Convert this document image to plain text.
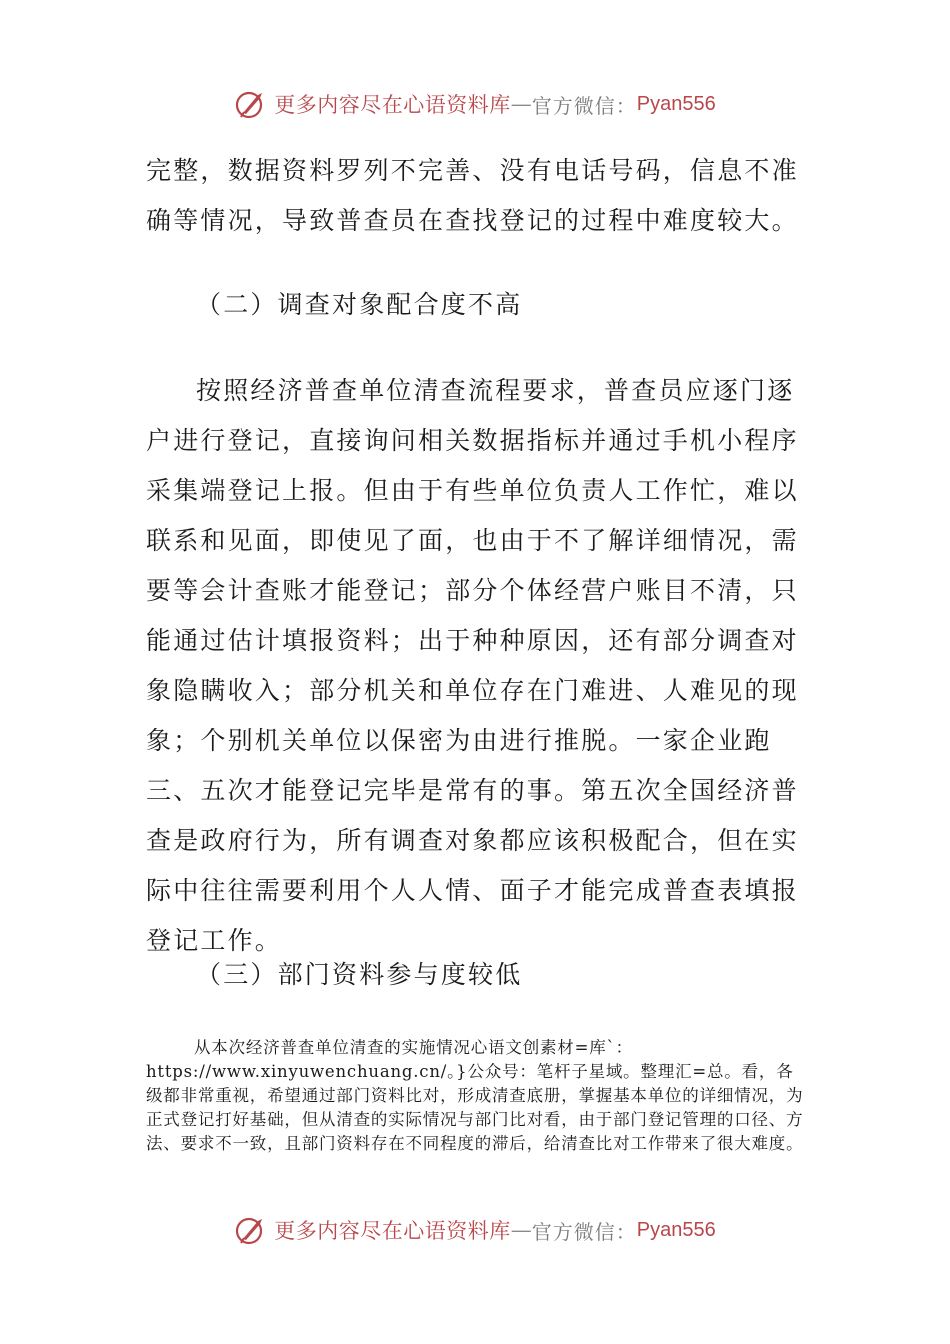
更多内容尽在心语资料库 — 官方微信： Pyan556

完整，数据资料罗列不完善、没有电话号码，信息不准确等情况，导致普查员在查找登记的过程中难度较大。

（二）调查对象配合度不高

按照经济普查单位清查流程要求，普查员应逐门逐户进行登记，直接询问相关数据指标并通过手机小程序采集端登记上报。但由于有些单位负责人工作忙，难以联系和见面，即使见了面，也由于不了解详细情况，需要等会计查账才能登记；部分个体经营户账目不清，只能通过估计填报资料；出于种种原因，还有部分调查对象隐瞒收入；部分机关和单位存在门难进、人难见的现象；个别机关单位以保密为由进行推脱。一家企业跑三、五次才能登记完毕是常有的事。第五次全国经济普查是政府行为，所有调查对象都应该积极配合，但在实际中往往需要利用个人人情、面子才能完成普查表填报登记工作。

（三）部门资料参与度较低

从本次经济普查单位清查的实施情况心语文创素材=库`：https://www.xinyuwenchuang.cn/。}公众号：笔杆子星域。整理汇=总。看，各级都非常重视，希望通过部门资料比对，形成清查底册，掌握基本单位的详细情况，为正式登记打好基础，但从清查的实际情况与部门比对看，由于部门登记管理的口径、方法、要求不一致，且部门资料存在不同程度的滞后，给清查比对工作带来了很大难度。

更多内容尽在心语资料库 — 官方微信： Pyan556
